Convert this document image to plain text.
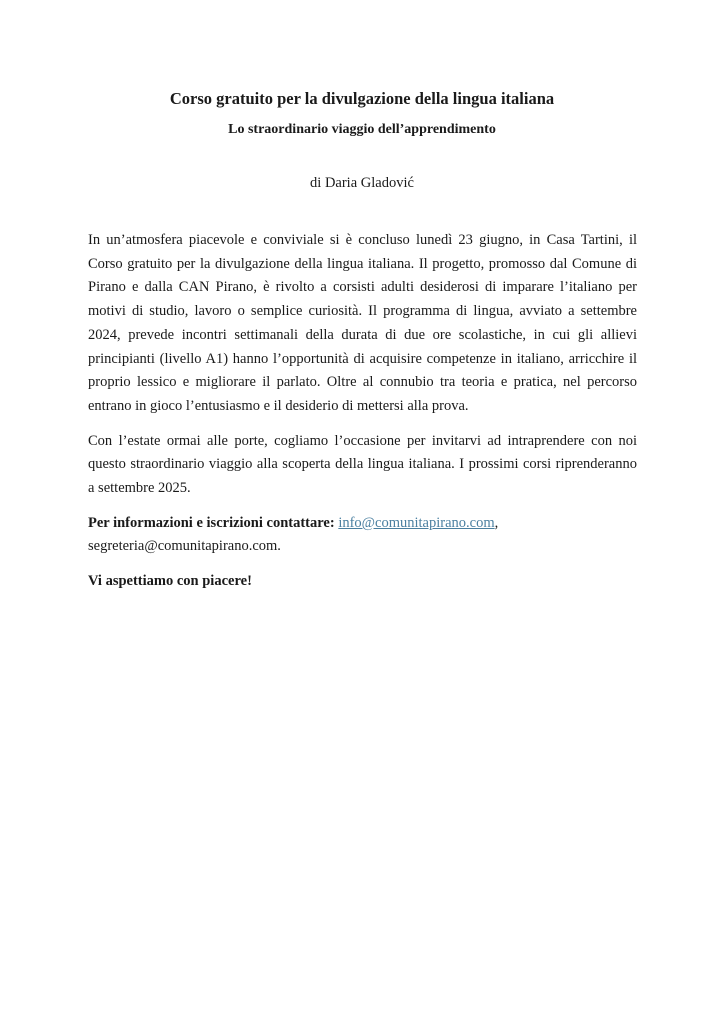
Corso gratuito per la divulgazione della lingua italiana
Lo straordinario viaggio dell’apprendimento

di Daria Gladović

In un’atmosfera piacevole e conviviale si è concluso lunedì 23 giugno, in Casa Tartini, il Corso gratuito per la divulgazione della lingua italiana. Il progetto, promosso dal Comune di Pirano e dalla CAN Pirano, è rivolto a corsisti adulti desiderosi di imparare l’italiano per motivi di studio, lavoro o semplice curiosità. Il programma di lingua, avviato a settembre 2024, prevede incontri settimanali della durata di due ore scolastiche, in cui gli allievi principianti (livello A1) hanno l’opportunità di acquisire competenze in italiano, arricchire il proprio lessico e migliorare il parlato. Oltre al connubio tra teoria e pratica, nel percorso entrano in gioco l’entusiasmo e il desiderio di mettersi alla prova.

Con l’estate ormai alle porte, cogliamo l’occasione per invitarvi ad intraprendere con noi questo straordinario viaggio alla scoperta della lingua italiana. I prossimi corsi riprenderanno a settembre 2025.

Per informazioni e iscrizioni contattare: info@comunitapirano.com,
segreteria@comunitapirano.com.

Vi aspettiamo con piacere!
